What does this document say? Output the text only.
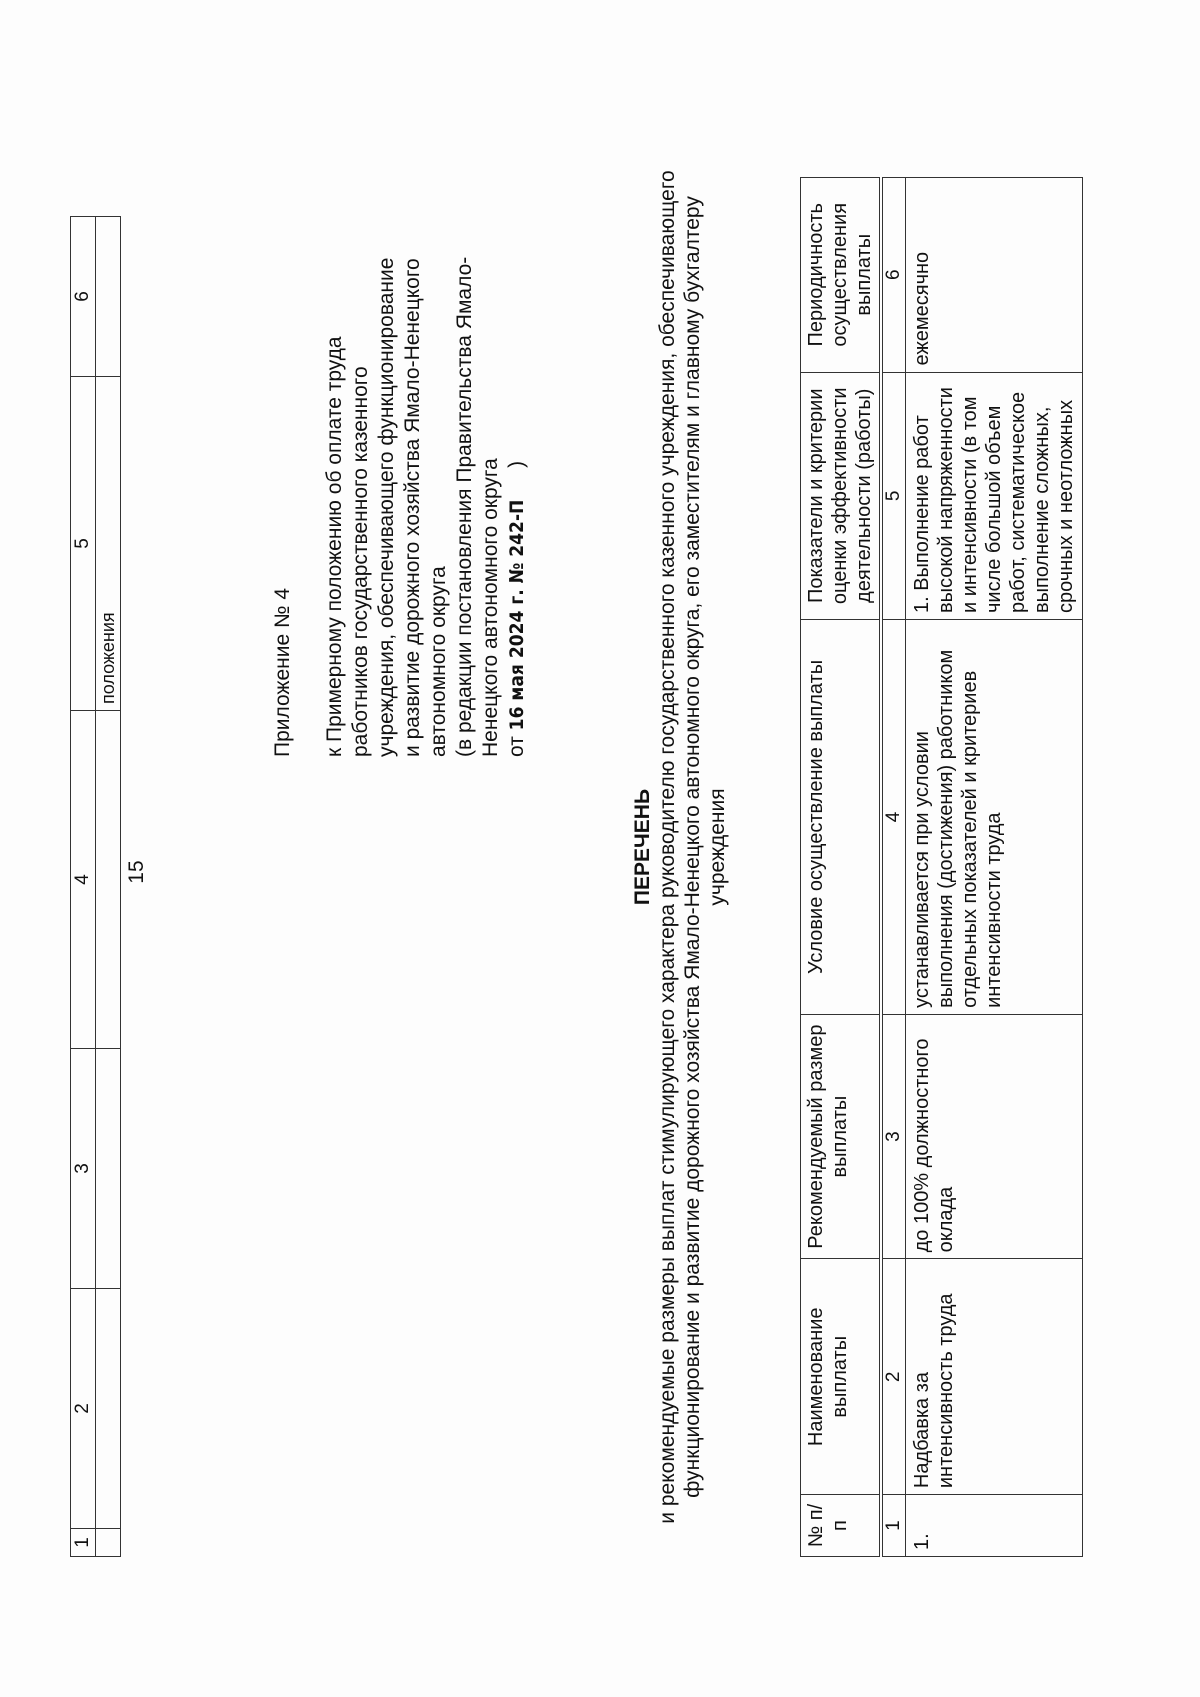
15
1	2	3	4	5	6
				положения		Приложение № 4 к Примерному положению об оплате труда работников государственного казенного учреждения, обеспечивающего функционирование и развитие дорожного хозяйства Ямало-Ненецкого автономного округа (в редакции постановления Правительства Ямало-Ненецкого автономного округа от 16 мая 2024 г. № 242-П )
ПЕРЕЧЕНЬ и рекомендуемые размеры выплат стимулирующего характера руководителю государственного казенного учреждения, обеспечивающего функционирование и развитие дорожного хозяйства Ямало-Ненецкого автономного округа, его заместителям и главному бухгалтеру учреждения
№ п/п	Наименование выплаты	Рекомендуемый размер выплаты	Условие осуществление выплаты	Показатели и критерии оценки эффективности деятельности (работы)	Периодичность осуществления выплаты
1	2	3	4	5	6
1.	Надбавка за интенсивность труда	до 100% должностного оклада	устанавливается при условии выполнения (достижения) работником отдельных показателей и критериев интенсивности труда	1. Выполнение работ высокой напряженности и интенсивности (в том числе большой объем работ, систематическое выполнение сложных, срочных и неотложных	ежемесячно
